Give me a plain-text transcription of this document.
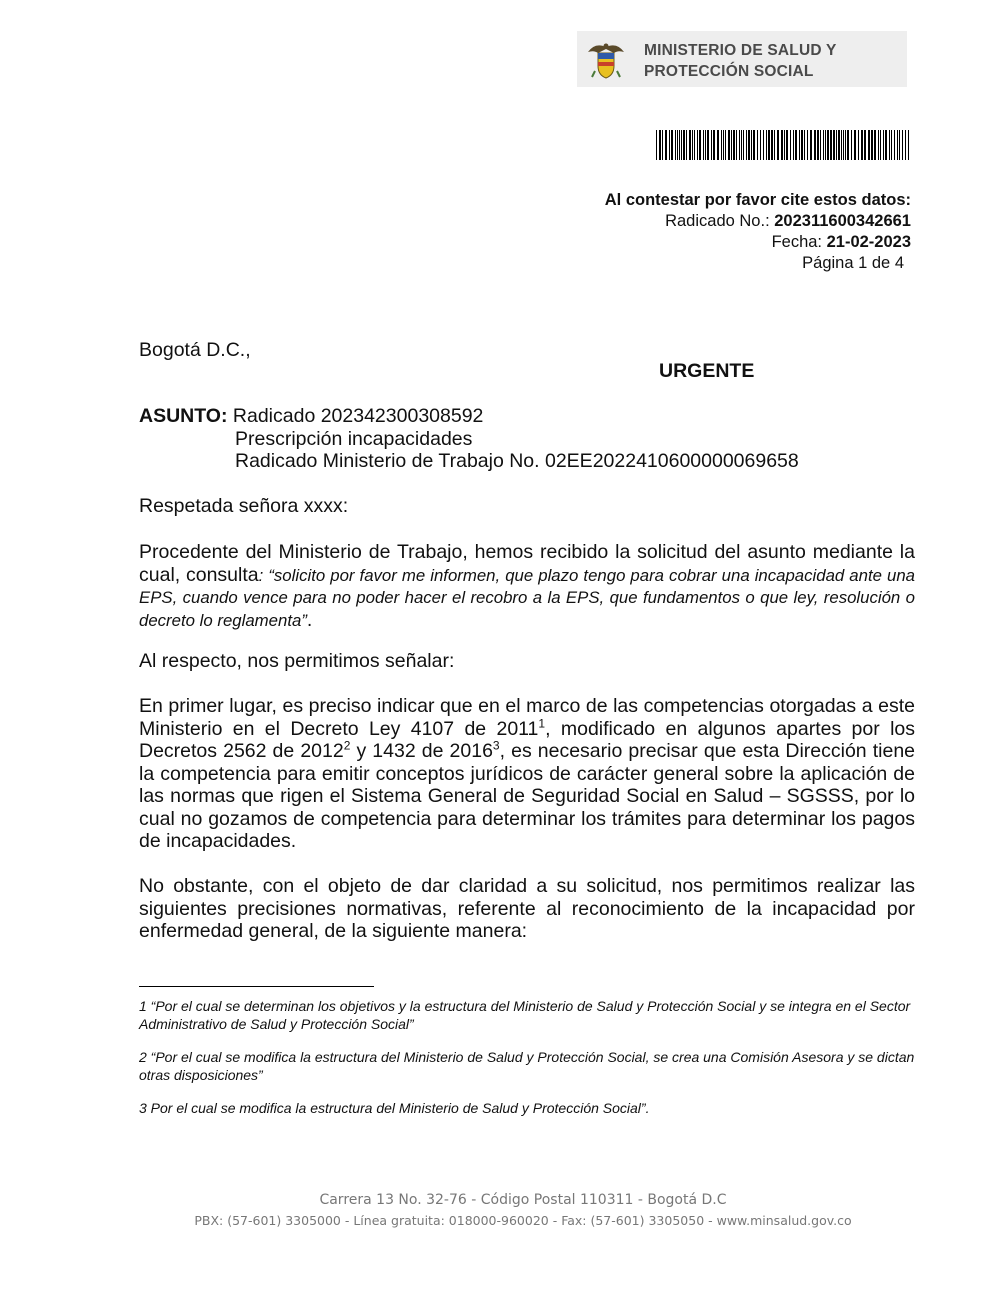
MINISTERIO DE SALUD Y
PROTECCIÓN SOCIAL
Al contestar por favor cite estos datos:
Radicado No.: 202311600342661
Fecha: 21-02-2023
Página 1 de 4
Bogotá D.C.,
URGENTE
ASUNTO: Radicado 202342300308592
Prescripción incapacidades
Radicado Ministerio de Trabajo No. 02EE2022410600000069658
Respetada señora xxxx:
Procedente del Ministerio de Trabajo, hemos recibido la solicitud del asunto mediante la cual, consulta: “solicito por favor me informen, que plazo tengo para cobrar una incapacidad ante una EPS, cuando vence para no poder hacer el recobro a la EPS, que fundamentos o que ley, resolución o decreto lo reglamenta”.
Al respecto, nos permitimos señalar:
En primer lugar, es preciso indicar que en el marco de las competencias otorgadas a este Ministerio en el Decreto Ley 4107 de 2011$^1$, modificado en algunos apartes por los Decretos 2562 de 2012$^2$ y 1432 de 2016$^3$, es necesario precisar que esta Dirección tiene la competencia para emitir conceptos jurídicos de carácter general sobre la aplicación de las normas que rigen el Sistema General de Seguridad Social en Salud – SGSSS, por lo cual no gozamos de competencia para determinar los trámites para determinar los pagos de incapacidades.
No obstante, con el objeto de dar claridad a su solicitud, nos permitimos realizar las siguientes precisiones normativas, referente al reconocimiento de la incapacidad por enfermedad general, de la siguiente manera:
1 “Por el cual se determinan los objetivos y la estructura del Ministerio de Salud y Protección Social y se integra en el Sector Administrativo de Salud y Protección Social”
2 “Por el cual se modifica la estructura del Ministerio de Salud y Protección Social, se crea una Comisión Asesora y se dictan otras disposiciones”
3 Por el cual se modifica la estructura del Ministerio de Salud y Protección Social”.
Carrera 13 No. 32-76 - Código Postal 110311 - Bogotá D.C
PBX: (57-601) 3305000 - Línea gratuita: 018000-960020 - Fax: (57-601) 3305050 - www.minsalud.gov.co
